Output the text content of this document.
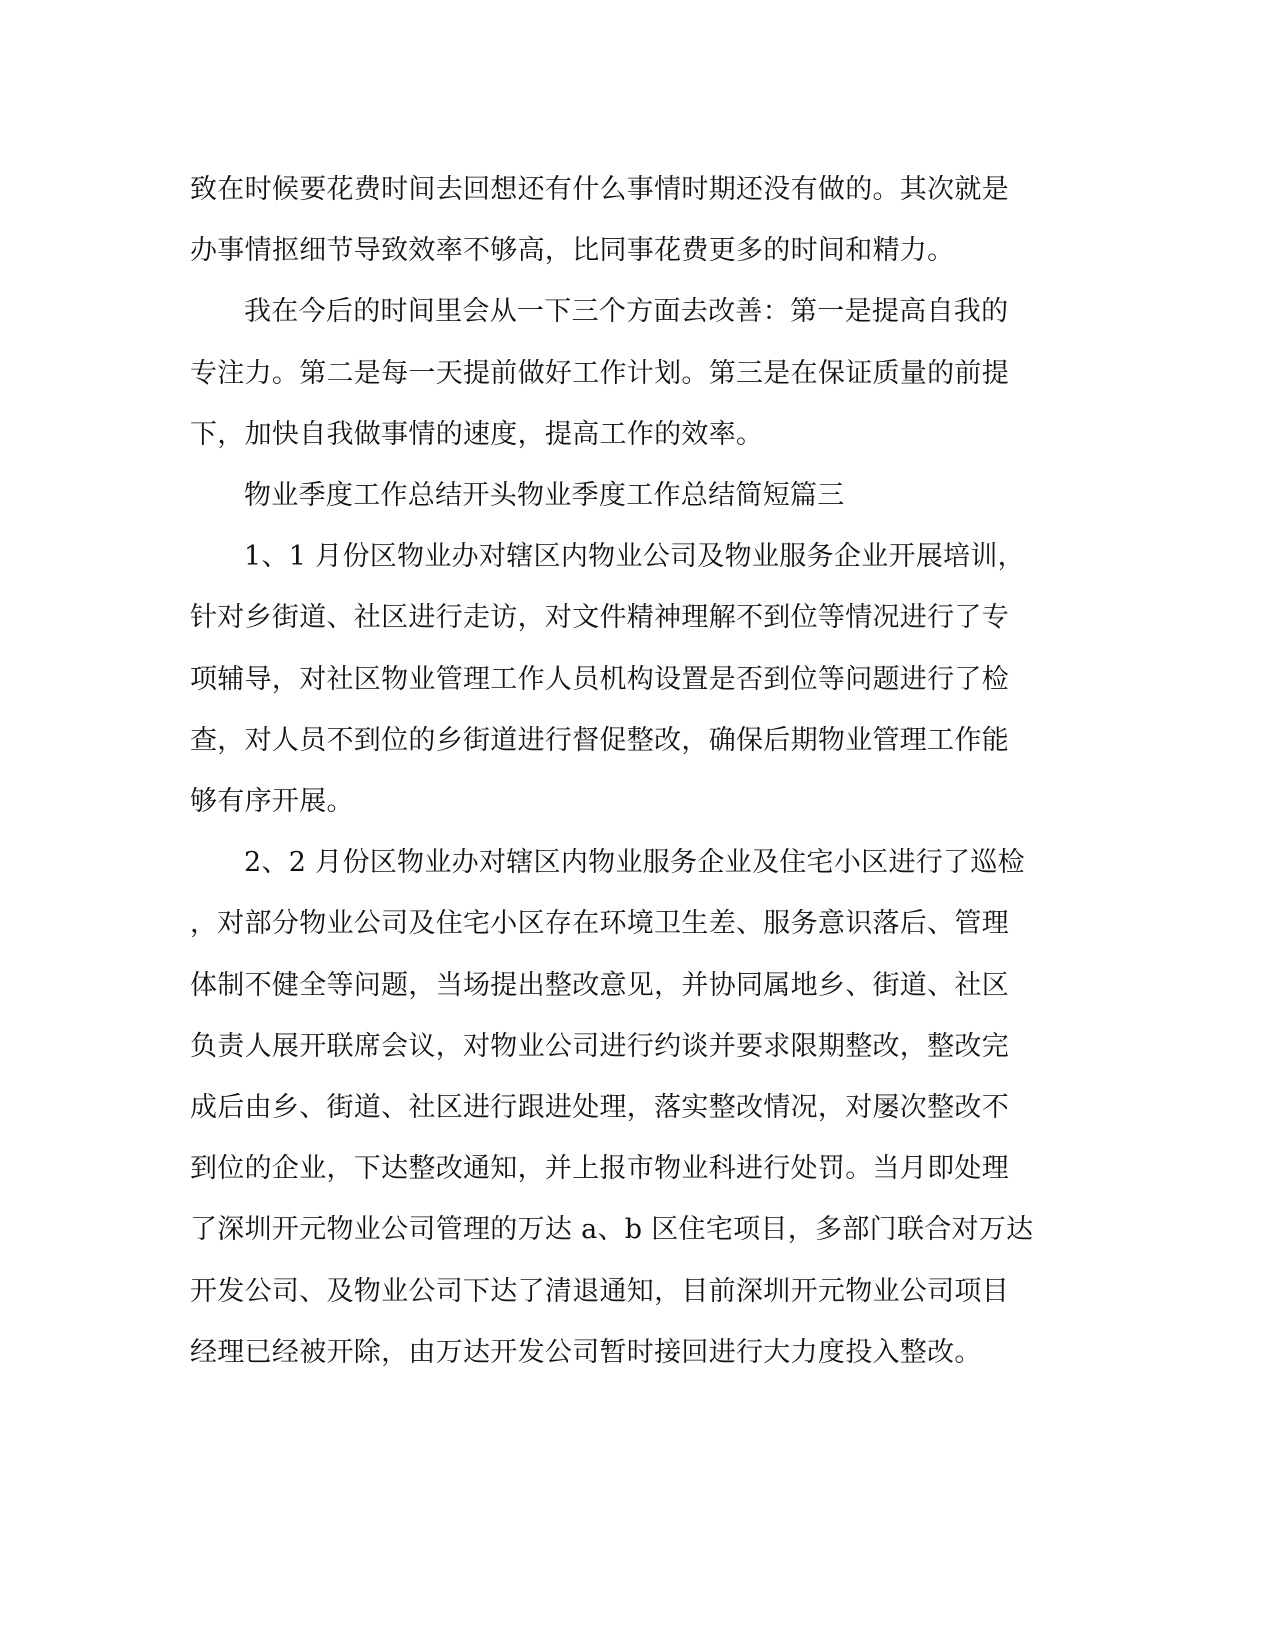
致在时候要花费时间去回想还有什么事情时期还没有做的。其次就是
办事情抠细节导致效率不够高，比同事花费更多的时间和精力。

我在今后的时间里会从一下三个方面去改善：第一是提高自我的
专注力。第二是每一天提前做好工作计划。第三是在保证质量的前提
下，加快自我做事情的速度，提高工作的效率。

物业季度工作总结开头物业季度工作总结简短篇三

1、1 月份区物业办对辖区内物业公司及物业服务企业开展培训，
针对乡街道、社区进行走访，对文件精神理解不到位等情况进行了专
项辅导，对社区物业管理工作人员机构设置是否到位等问题进行了检
查，对人员不到位的乡街道进行督促整改，确保后期物业管理工作能
够有序开展。

2、2 月份区物业办对辖区内物业服务企业及住宅小区进行了巡检
，对部分物业公司及住宅小区存在环境卫生差、服务意识落后、管理
体制不健全等问题，当场提出整改意见，并协同属地乡、街道、社区
负责人展开联席会议，对物业公司进行约谈并要求限期整改，整改完
成后由乡、街道、社区进行跟进处理，落实整改情况，对屡次整改不
到位的企业，下达整改通知，并上报市物业科进行处罚。当月即处理
了深圳开元物业公司管理的万达 a、b 区住宅项目，多部门联合对万达
开发公司、及物业公司下达了清退通知，目前深圳开元物业公司项目
经理已经被开除，由万达开发公司暂时接回进行大力度投入整改。
